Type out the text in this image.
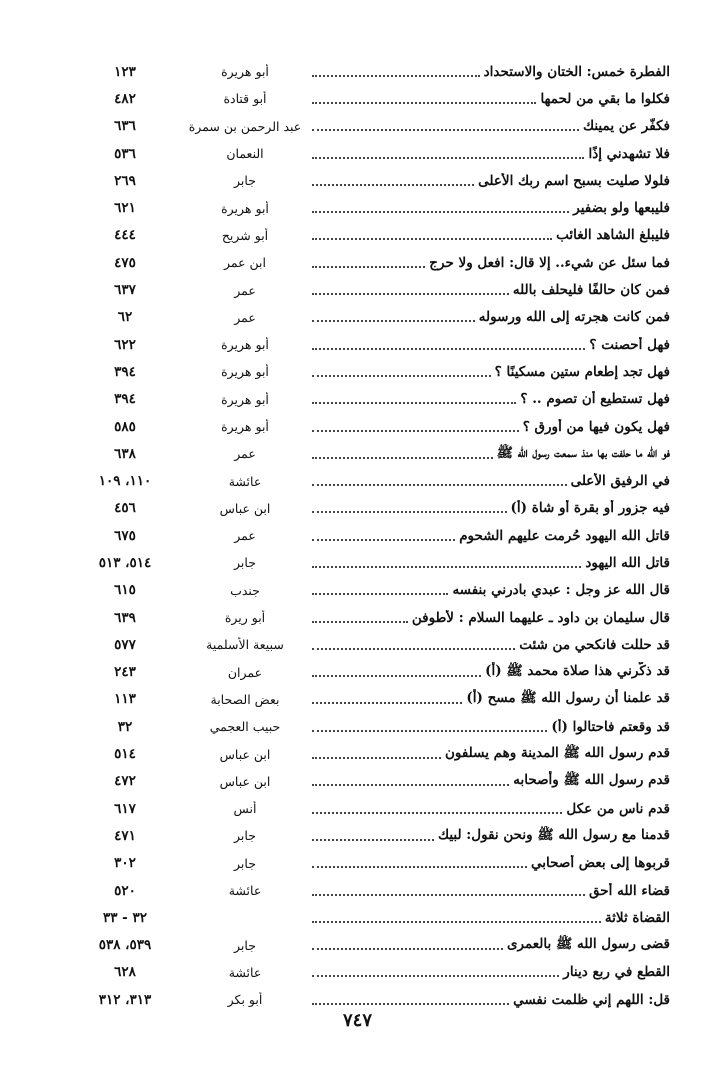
الفطرة خمس: الختان والاستحداد
أبو هريرة
١٢٣
فكلوا ما بقي من لحمها
أبو قتادة
٤٨٢
فكفّر عن يمينك
عبد الرحمن بن سمرة
٦٣٦
فلا تشهدني إذًا
النعمان
٥٣٦
فلولا صليت بسبح اسم ربك الأعلى
جابر
٢٦٩
فليبعها ولو بضفير
أبو هريرة
٦٢١
فليبلغ الشاهد الغائب
أبو شريح
٤٤٤
فما سئل عن شيء.. إلا قال: افعل ولا حرج
ابن عمر
٤٧٥
فمن كان حالفًا فليحلف بالله
عمر
٦٣٧
فمن كانت هجرته إلى الله ورسوله
عمر
٦٢
فهل أحصنت ؟
أبو هريرة
٦٢٢
فهل تجد إطعام ستين مسكينًا ؟
أبو هريرة
٣٩٤
فهل تستطيع أن تصوم .. ؟
أبو هريرة
٣٩٤
فهل يكون فيها من أورق ؟
أبو هريرة
٥٨٥
فو الله ما حلفت بها منذ سمعت رسول الله ﷺ
عمر
٦٣٨
في الرفيق الأعلى
عائشة
١١٠، ١٠٩
فيه جزور أو بقرة أو شاة (أ)
ابن عباس
٤٥٦
قاتل الله اليهود حُرمت عليهم الشحوم
عمر
٦٧٥
قاتل الله اليهود
جابر
٥١٤، ٥١٣
قال الله عز وجل : عبدي بادرني بنفسه
جندب
٦١٥
قال سليمان بن داود ـ عليهما السلام : لأطوفن
أبو ريرة
٦٣٩
قد حللت فانكحي من شئت
سبيعة الأسلمية
٥٧٧
قد ذكّرني هذا صلاة محمد ﷺ (أ)
عمران
٢٤٣
قد علمنا أن رسول الله ﷺ مسح (أ)
بعض الصحابة
١١٣
قد وقعتم فاحتالوا (أ)
حبيب العجمي
٣٢
قدم رسول الله ﷺ المدينة وهم يسلفون
ابن عباس
٥١٤
قدم رسول الله ﷺ وأصحابه
ابن عباس
٤٧٢
قدم ناس من عكل
أنس
٦١٧
قدمنا مع رسول الله ﷺ ونحن نقول: لبيك
جابر
٤٧١
قربوها إلى بعض أصحابي
جابر
٣٠٢
قضاء الله أحق
عائشة
٥٢٠
القضاة ثلاثة
٣٢ - ٣٣
قضى رسول الله ﷺ بالعمرى
جابر
٥٣٩، ٥٣٨
القطع في ربع دينار
عائشة
٦٢٨
قل: اللهم إني ظلمت نفسي
أبو بكر
٣١٣، ٣١٢
٧٤٧
